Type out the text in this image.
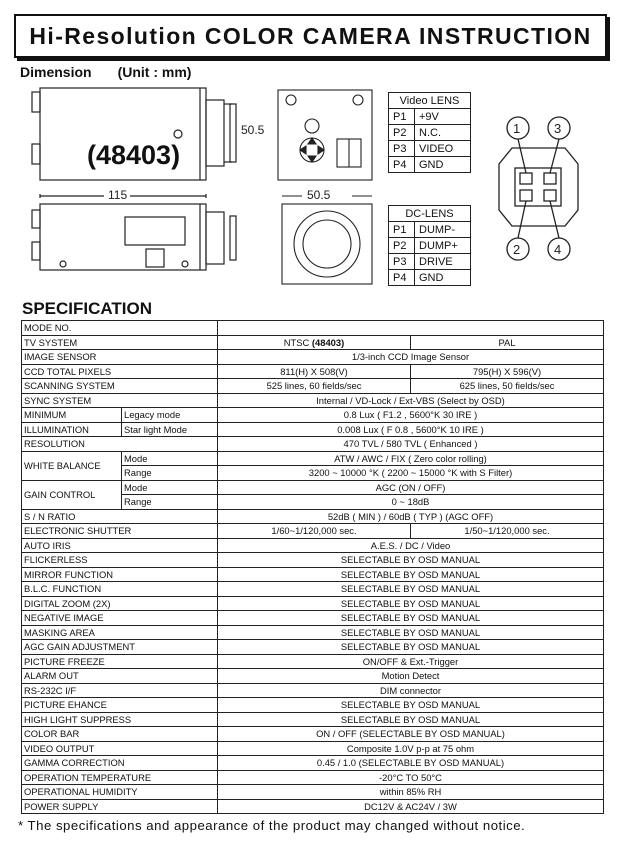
Hi-Resolution COLOR CAMERA INSTRUCTION
Dimension (Unit : mm)
(48403)
50.5
115	50.5
1	3
2	4
Video LENS	
P1	+9V
P2	N.C.
P3	VIDEO
P4	GND
DC-LENS	
P1	DUMP-
P2	DUMP+
P3	DRIVE
P4	GND
SPECIFICATION
MODE NO.			
TV SYSTEM		NTSC (48403)	PAL
IMAGE SENSOR		1/3-inch CCD Image Sensor	
CCD TOTAL PIXELS		811(H) X 508(V)	795(H) X 596(V)
SCANNING SYSTEM		525 lines, 60 fields/sec	625 lines, 50 fields/sec
SYNC SYSTEM		Internal / VD-Lock / Ext-VBS (Select by OSD)	
MINIMUM	Legacy mode	0.8 Lux ( F1.2 , 5600°K 30 IRE )	
ILLUMINATION	Star light Mode	0.008 Lux ( F 0.8 , 5600°K 10 IRE )	
RESOLUTION		470 TVL / 580 TVL ( Enhanced )	
WHITE BALANCE	Mode	ATW / AWC / FIX ( Zero color rolling)	
	Range	3200 ~ 10000 °K ( 2200 ~ 15000 °K with S Filter)	
GAIN CONTROL	Mode	AGC (ON / OFF)	
	Range	0 ~ 18dB	
S / N RATIO		52dB ( MIN ) / 60dB ( TYP ) (AGC OFF)	
ELECTRONIC SHUTTER		1/60~1/120,000 sec.	1/50~1/120,000 sec.
AUTO IRIS		A.E.S. / DC / Video	
FLICKERLESS		SELECTABLE BY OSD MANUAL	
MIRROR FUNCTION		SELECTABLE BY OSD MANUAL	
B.L.C. FUNCTION		SELECTABLE BY OSD MANUAL	
DIGITAL ZOOM (2X)		SELECTABLE BY OSD MANUAL	
NEGATIVE IMAGE		SELECTABLE BY OSD MANUAL	
MASKING AREA		SELECTABLE BY OSD MANUAL	
AGC GAIN ADJUSTMENT		SELECTABLE BY OSD MANUAL	
PICTURE FREEZE		ON/OFF & Ext.-Trigger	
ALARM OUT		Motion Detect	
RS-232C I/F		DIM connector	
PICTURE EHANCE		SELECTABLE BY OSD MANUAL	
HIGH LIGHT SUPPRESS		SELECTABLE BY OSD MANUAL	
COLOR BAR		ON / OFF (SELECTABLE BY OSD MANUAL)	
VIDEO OUTPUT		Composite 1.0V p-p at 75 ohm	
GAMMA CORRECTION		0.45 / 1.0 (SELECTABLE BY OSD MANUAL)	
OPERATION TEMPERATURE		-20°C TO 50°C	
OPERATIONAL HUMIDITY		within 85% RH	
POWER SUPPLY		DC12V & AC24V / 3W	
* The specifications and appearance of the product may changed without notice.
